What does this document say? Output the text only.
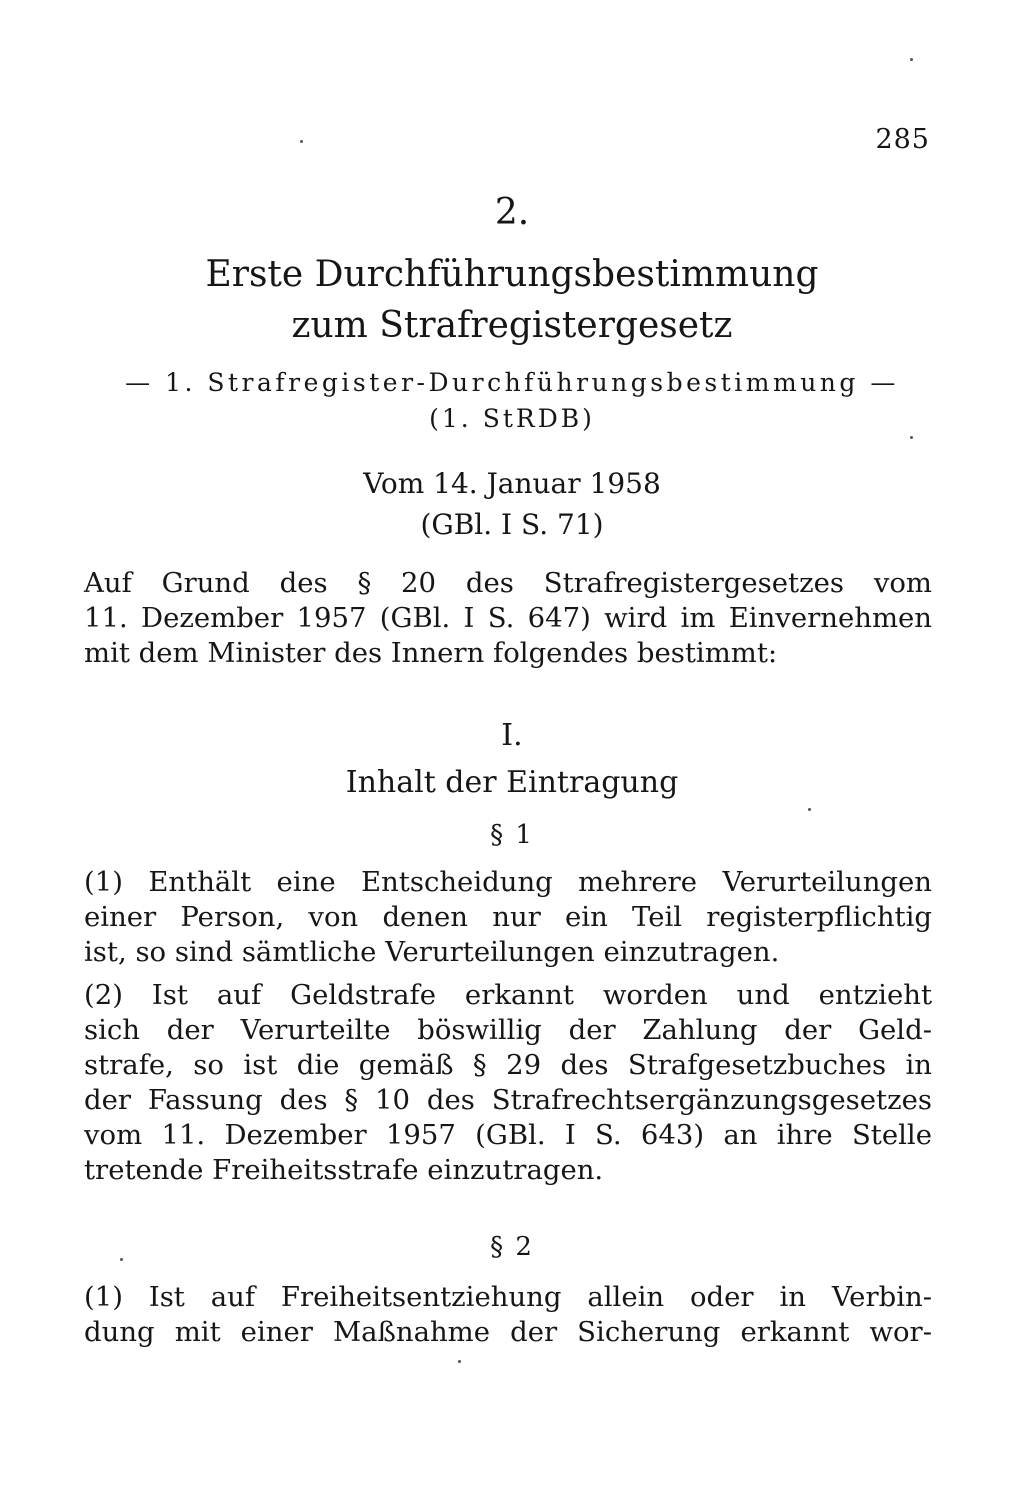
285
2.
Erste Durchführungsbestimmung
zum Strafregistergesetz
— 1. Strafregister-Durchführungsbestimmung —
(1. StRDB)
Vom 14. Januar 1958
(GBl. I S. 71)
Auf Grund des § 20 des Strafregistergesetzes vom
11. Dezember 1957 (GBl. I S. 647) wird im Einvernehmen
mit dem Minister des Innern folgendes bestimmt:
I.
Inhalt der Eintragung
§ 1
(1) Enthält eine Entscheidung mehrere Verurteilungen
einer Person, von denen nur ein Teil registerpflichtig
ist, so sind sämtliche Verurteilungen einzutragen.
(2) Ist auf Geldstrafe erkannt worden und entzieht
sich der Verurteilte böswillig der Zahlung der Geld-
strafe, so ist die gemäß § 29 des Strafgesetzbuches in
der Fassung des § 10 des Strafrechtsergänzungsgesetzes
vom 11. Dezember 1957 (GBl. I S. 643) an ihre Stelle
tretende Freiheitsstrafe einzutragen.
§ 2
(1) Ist auf Freiheitsentziehung allein oder in Verbin-
dung mit einer Maßnahme der Sicherung erkannt wor-
